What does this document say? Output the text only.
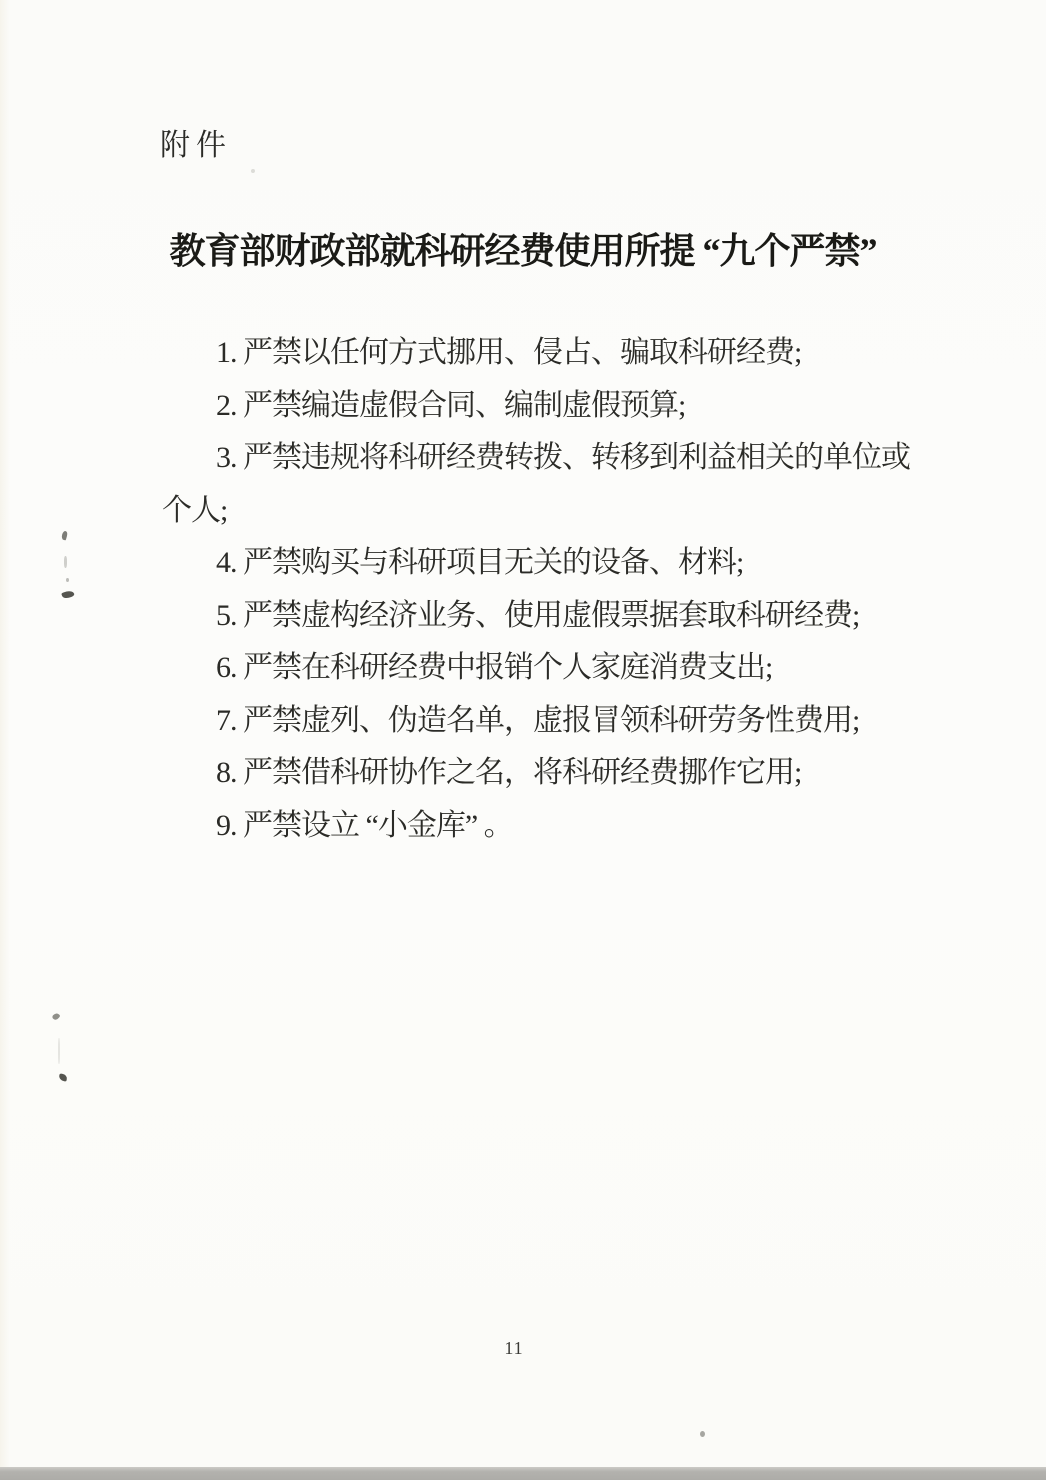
附件
教育部财政部就科研经费使用所提 “九个严禁”
1. 严禁以任何方式挪用、侵占、骗取科研经费;
2. 严禁编造虚假合同、编制虚假预算;
3. 严禁违规将科研经费转拨、转移到利益相关的单位或
个人;
4. 严禁购买与科研项目无关的设备、材料;
5. 严禁虚构经济业务、使用虚假票据套取科研经费;
6. 严禁在科研经费中报销个人家庭消费支出;
7. 严禁虚列、伪造名单，虚报冒领科研劳务性费用;
8. 严禁借科研协作之名，将科研经费挪作它用;
9. 严禁设立 “小金库” 。
11
